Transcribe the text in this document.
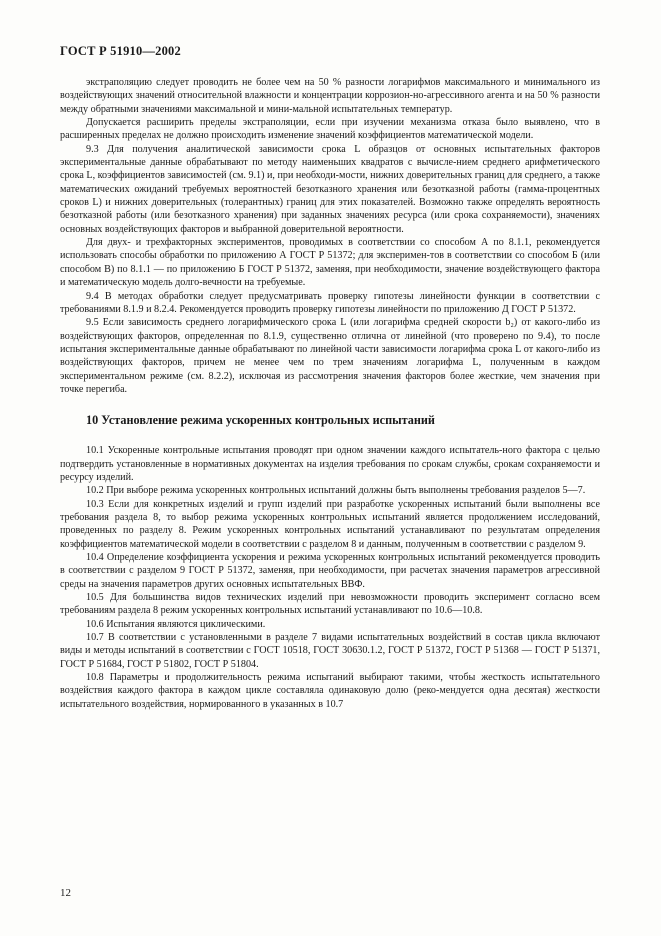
ГОСТ Р 51910—2002

экстраполяцию следует проводить не более чем на 50 % разности логарифмов максимального и минимального из воздействующих значений относительной влажности и концентрации коррозион-но-агрессивного агента и на 50 % разности между обратными значениями максимальной и мини-мальной испытательных температур.

Допускается расширить пределы экстраполяции, если при изучении механизма отказа было выявлено, что в расширенных пределах не должно происходить изменение значений коэффициентов математической модели.

9.3 Для получения аналитической зависимости срока L образцов от основных испытательных факторов экспериментальные данные обрабатывают по методу наименьших квадратов с вычисле-нием среднего арифметического срока L, коэффициентов зависимостей (см. 9.1) и, при необходи-мости, нижних доверительных границ для среднего, а также математических ожиданий требуемых вероятностей безотказного хранения или безотказной работы (гамма-процентных сроков L) и нижних доверительных (толерантных) границ для этих показателей. Возможно также определять вероятность безотказной работы (или безотказного хранения) при заданных значениях ресурса (или срока сохраняемости), значениях основных воздействующих факторов и выбранной доверительной вероятности.

Для двух- и трехфакторных экспериментов, проводимых в соответствии со способом А по 8.1.1, рекомендуется использовать способы обработки по приложению А ГОСТ Р 51372; для эксперимен-тов в соответствии со способом Б (или способом В) по 8.1.1 — по приложению Б ГОСТ Р 51372, заменяя, при необходимости, значение воздействующего фактора и математическую модель долго-вечности на требуемые.

9.4 В методах обработки следует предусматривать проверку гипотезы линейности функции в соответствии с требованиями 8.1.9 и 8.2.4. Рекомендуется проводить проверку гипотезы линейности по приложению Д ГОСТ Р 51372.

9.5 Если зависимость среднего логарифмического срока L (или логарифма средней скорости b₂) от какого-либо из воздействующих факторов, определенная по 8.1.9, существенно отлична от линейной (что проверено по 9.4), то после испытания экспериментальные данные обрабатывают по линейной части зависимости логарифма срока L от какого-либо из воздействующих факторов, причем не менее чем по трем значениям логарифма L, полученным в каждом экспериментальном режиме (см. 8.2.2), исключая из рассмотрения значения факторов более жесткие, чем значения при точке перегиба.

10 Установление режима ускоренных контрольных испытаний

10.1 Ускоренные контрольные испытания проводят при одном значении каждого испытатель-ного фактора с целью подтвердить установленные в нормативных документах на изделия требования по срокам службы, срокам сохраняемости и ресурсу изделий.

10.2 При выборе режима ускоренных контрольных испытаний должны быть выполнены требования разделов 5—7.

10.3 Если для конкретных изделий и групп изделий при разработке ускоренных испытаний были выполнены все требования раздела 8, то выбор режима ускоренных контрольных испытаний является продолжением исследований, проведенных по разделу 8. Режим ускоренных контрольных испытаний устанавливают по результатам определения коэффициентов математической модели в соответствии с разделом 8 и данным, полученным в соответствии с разделом 9.

10.4 Определение коэффициента ускорения и режима ускоренных контрольных испытаний рекомендуется проводить в соответствии с разделом 9 ГОСТ Р 51372, заменяя, при необходимости, при расчетах значения параметров агрессивной среды на значения параметров других основных испытательных ВВФ.

10.5 Для большинства видов технических изделий при невозможности проводить эксперимент согласно всем требованиям раздела 8 режим ускоренных контрольных испытаний устанавливают по 10.6—10.8.

10.6 Испытания являются циклическими.

10.7 В соответствии с установленными в разделе 7 видами испытательных воздействий в состав цикла включают виды и методы испытаний в соответствии с ГОСТ 10518, ГОСТ 30630.1.2, ГОСТ Р 51372, ГОСТ Р 51368 — ГОСТ Р 51371, ГОСТ Р 51684, ГОСТ Р 51802, ГОСТ Р 51804.

10.8 Параметры и продолжительность режима испытаний выбирают такими, чтобы жесткость испытательного воздействия каждого фактора в каждом цикле составляла одинаковую долю (реко-мендуется одна десятая) жесткости испытательного воздействия, нормированного в указанных в 10.7

12
